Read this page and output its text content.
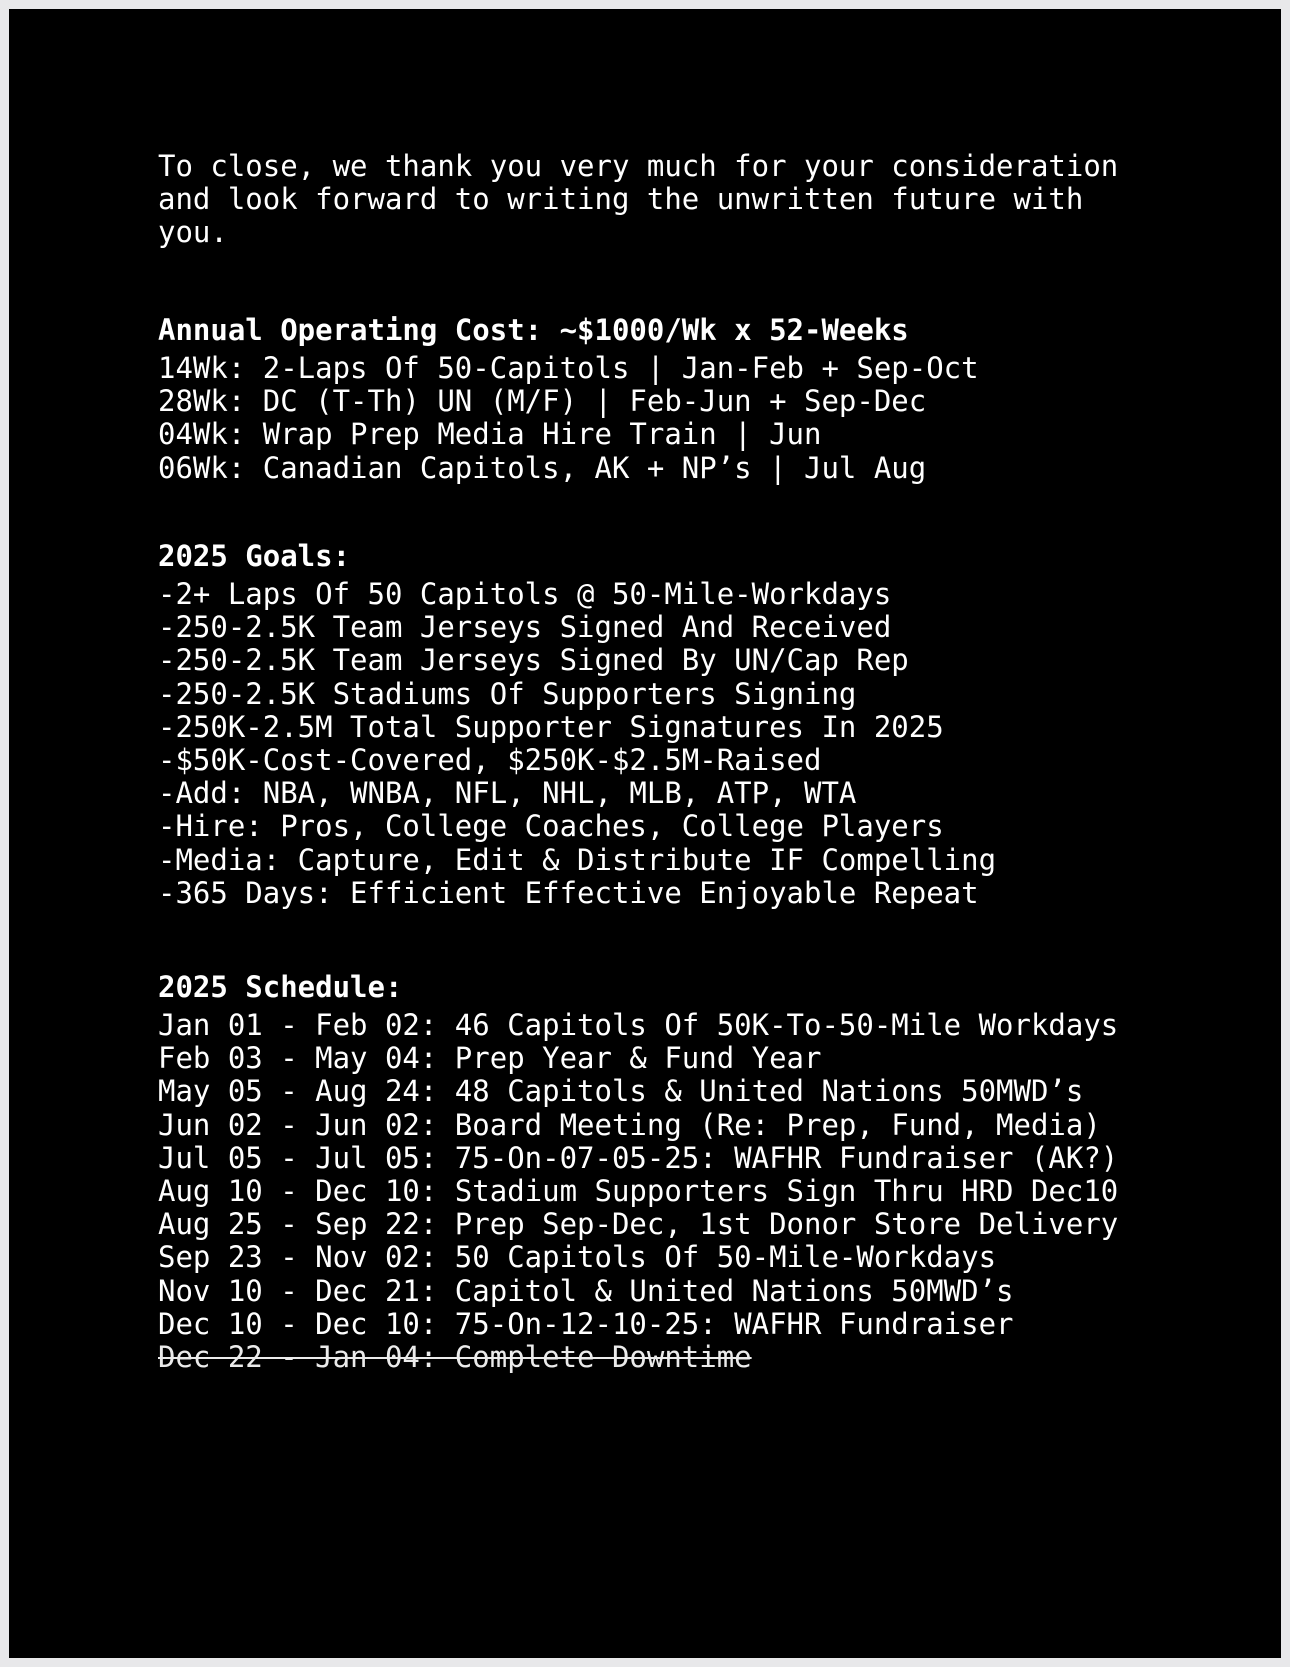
To close, we thank you very much for your consideration
and look forward to writing the unwritten future with
you.
Annual Operating Cost: ~$1000/Wk x 52-Weeks
14Wk: 2-Laps Of 50-Capitols | Jan-Feb + Sep-Oct
28Wk: DC (T-Th) UN (M/F) | Feb-Jun + Sep-Dec
04Wk: Wrap Prep Media Hire Train | Jun
06Wk: Canadian Capitols, AK + NP’s | Jul Aug
2025 Goals:
-2+ Laps Of 50 Capitols @ 50-Mile-Workdays
-250-2.5K Team Jerseys Signed And Received
-250-2.5K Team Jerseys Signed By UN/Cap Rep
-250-2.5K Stadiums Of Supporters Signing
-250K-2.5M Total Supporter Signatures In 2025
-$50K-Cost-Covered, $250K-$2.5M-Raised
-Add: NBA, WNBA, NFL, NHL, MLB, ATP, WTA
-Hire: Pros, College Coaches, College Players
-Media: Capture, Edit & Distribute IF Compelling
-365 Days: Efficient Effective Enjoyable Repeat
2025 Schedule:
Jan 01 - Feb 02: 46 Capitols Of 50K-To-50-Mile Workdays
Feb 03 - May 04: Prep Year & Fund Year
May 05 - Aug 24: 48 Capitols & United Nations 50MWD’s
Jun 02 - Jun 02: Board Meeting (Re: Prep, Fund, Media)
Jul 05 - Jul 05: 75-On-07-05-25: WAFHR Fundraiser (AK?)
Aug 10 - Dec 10: Stadium Supporters Sign Thru HRD Dec10
Aug 25 - Sep 22: Prep Sep-Dec, 1st Donor Store Delivery
Sep 23 - Nov 02: 50 Capitols Of 50-Mile-Workdays
Nov 10 - Dec 21: Capitol & United Nations 50MWD’s
Dec 10 - Dec 10: 75-On-12-10-25: WAFHR Fundraiser
Dec 22 - Jan 04: Complete Downtime
